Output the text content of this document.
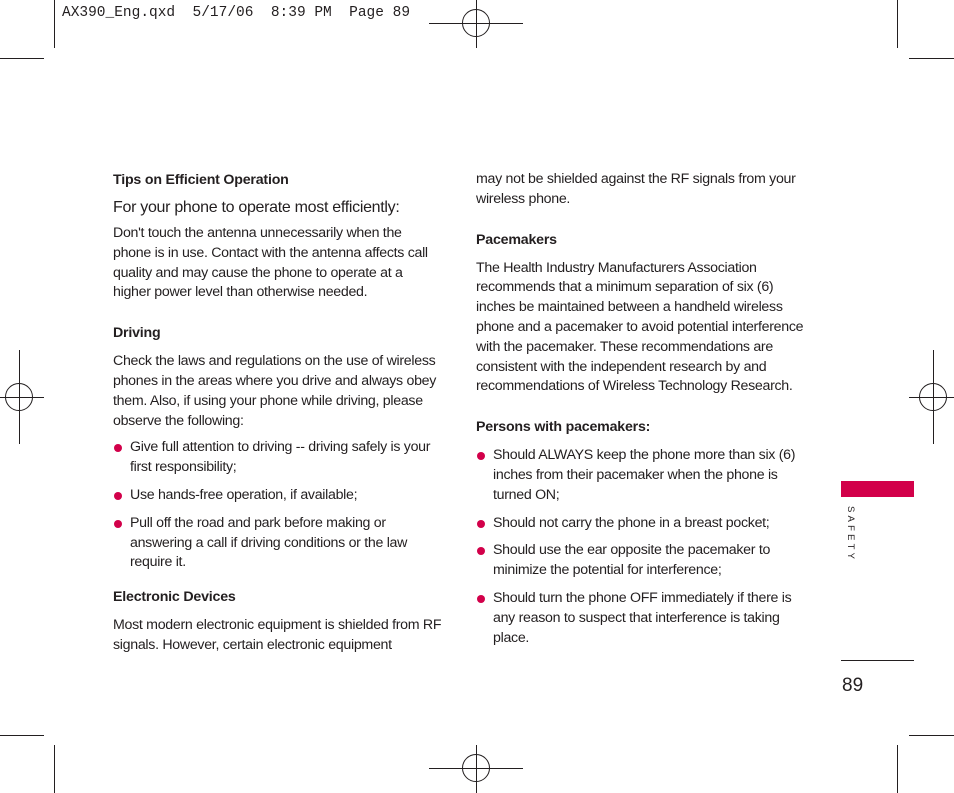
AX390_Eng.qxd  5/17/06  8:39 PM  Page 89

Tips on Efficient Operation

For your phone to operate most efficiently:

Don't touch the antenna unnecessarily when the phone is in use. Contact with the antenna affects call quality and may cause the phone to operate at a higher power level than otherwise needed.

Driving

Check the laws and regulations on the use of wireless phones in the areas where you drive and always obey them. Also, if using your phone while driving, please observe the following:

Give full attention to driving -- driving safely is your first responsibility;
Use hands-free operation, if available;
Pull off the road and park before making or answering a call if driving conditions or the law require it.

Electronic Devices

Most modern electronic equipment is shielded from RF signals. However, certain electronic equipment

may not be shielded against the RF signals from your wireless phone.

Pacemakers

The Health Industry Manufacturers Association recommends that a minimum separation of six (6) inches be maintained between a handheld wireless phone and a pacemaker to avoid potential interference with the pacemaker. These recommendations are consistent with the independent research by and recommendations of Wireless Technology Research.

Persons with pacemakers:

Should ALWAYS keep the phone more than six (6) inches from their pacemaker when the phone is turned ON;
Should not carry the phone in a breast pocket;
Should use the ear opposite the pacemaker to minimize the potential for interference;
Should turn the phone OFF immediately if there is any reason to suspect that interference is taking place.
SAFETY
89
